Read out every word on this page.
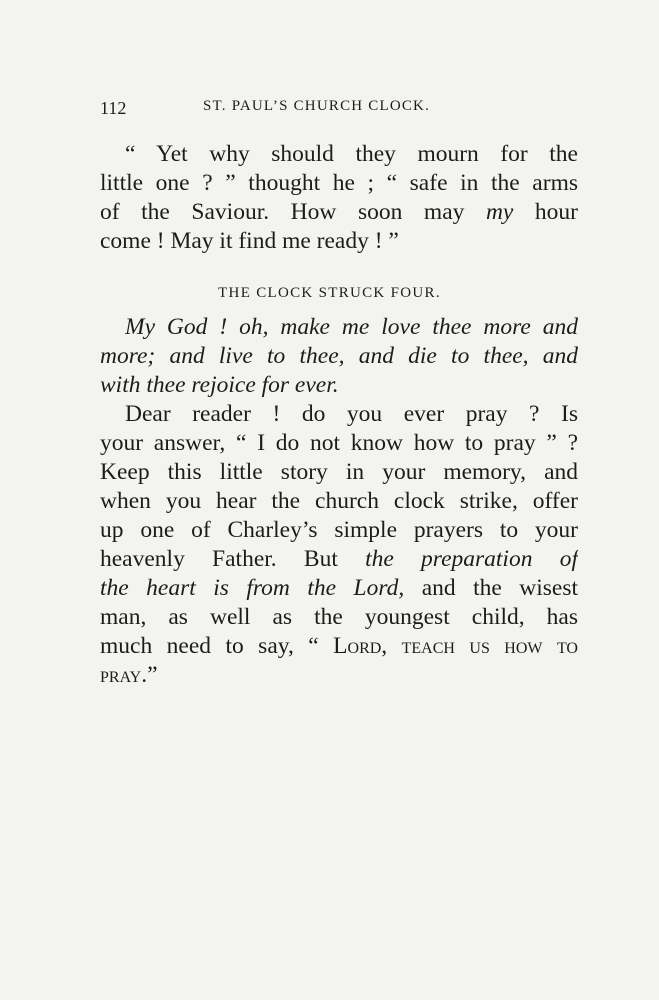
112	ST. PAUL’S CHURCH CLOCK.
“ Yet why should they mourn for the
little one ? ” thought he ; “ safe in the arms
of the Saviour. How soon may my hour
come ! May it find me ready ! ”
THE CLOCK STRUCK FOUR.
My God ! oh, make me love thee more and
more; and live to thee, and die to thee, and
with thee rejoice for ever.
Dear reader ! do you ever pray ? Is
your answer, “ I do not know how to pray ” ?
Keep this little story in your memory, and
when you hear the church clock strike, offer
up one of Charley’s simple prayers to your
heavenly Father. But the preparation of
the heart is from the Lord, and the wisest
man, as well as the youngest child, has
much need to say, “ Lord, teach us how to
pray.”
